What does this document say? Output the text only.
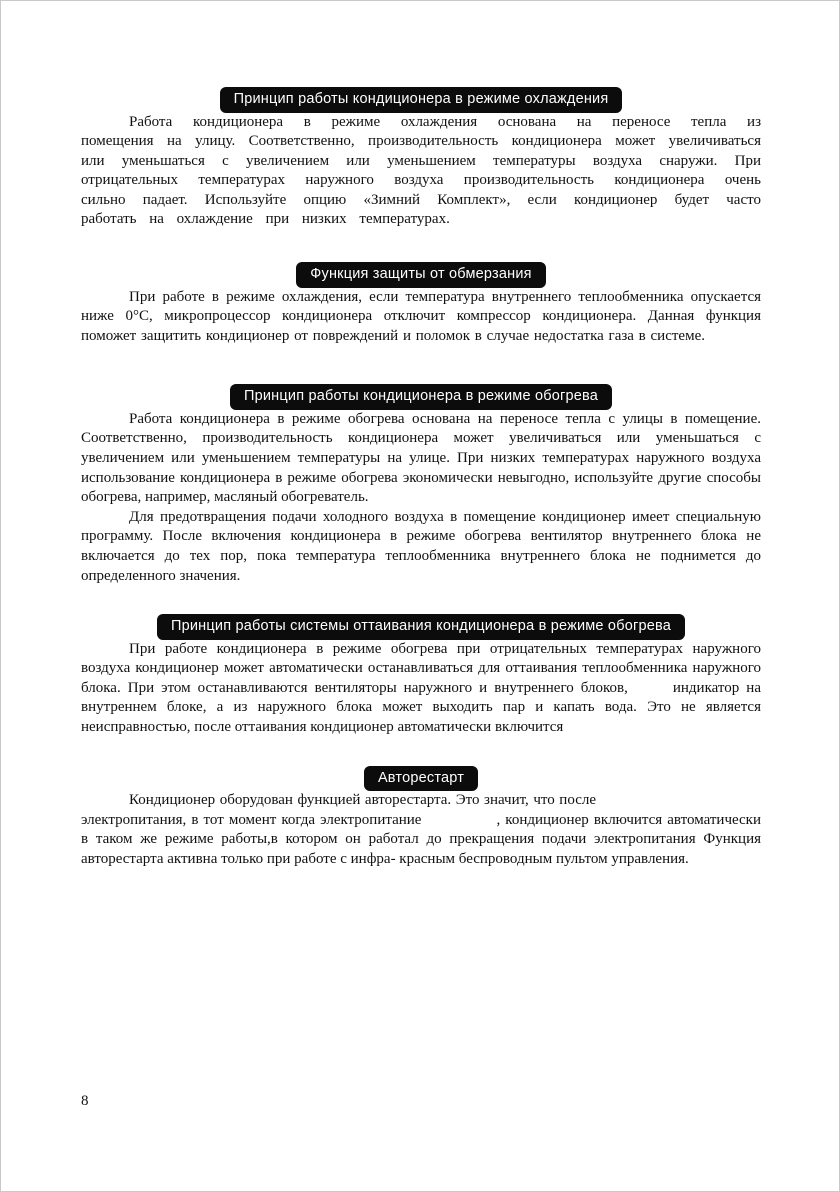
Принцип работы кондиционера в режиме охлаждения

Работа кондиционера в режиме охлаждения основана на переносе тепла из помещения на улицу. Соответственно, производительность кондиционера может увеличиваться или уменьшаться с увеличением или уменьшением температуры воздуха снаружи. При отрицательных температурах наружного воздуха производительность кондиционера очень сильно падает. Используйте опцию «Зимний Комплект», если кондиционер будет часто работать на охлаждение при низких температурах.

Функция защиты от обмерзания

При работе в режиме охлаждения, если температура внутреннего теплообменника опускается ниже 0°С, микропроцессор кондиционера отключит компрессор кондиционера. Данная функция поможет защитить кондиционер от повреждений и поломок в случае недостатка газа в системе.

Принцип работы кондиционера в режиме обогрева

Работа кондиционера в режиме обогрева основана на переносе тепла с улицы в помещение. Соответственно, производительность кондиционера может увеличиваться или уменьшаться с увеличением или уменьшением температуры на улице. При низких температурах наружного воздуха использование кондиционера в режиме обогрева экономически невыгодно, используйте другие способы обогрева, например, масляный обогреватель.

Для предотвращения подачи холодного воздуха в помещение кондиционер имеет специальную программу. После включения кондиционера в режиме обогрева вентилятор внутреннего блока не включается до тех пор, пока температура теплообменника внутреннего блока не поднимется до определенного значения.

Принцип работы системы оттаивания кондиционера в режиме обогрева

При работе кондиционера в режиме обогрева при отрицательных температурах наружного воздуха кондиционер может автоматически останавливаться для оттаивания теплообменника наружного блока. При этом останавливаются вентиляторы наружного и внутреннего блоков,   индикатор на внутреннем блоке, а из наружного блока может выходить пар и капать вода. Это не является неисправностью, после оттаивания кондиционер автоматически включится

Авторестарт

Кондиционер оборудован функцией авторестарта. Это значит, что после           электропитания, в тот момент когда электропитание     , кондиционер включится автоматически в таком же режиме работы,в котором он работал до прекращения подачи электропитания Функция авторестарта активна только при работе с инфра- красным беспроводным пультом управления.

8
